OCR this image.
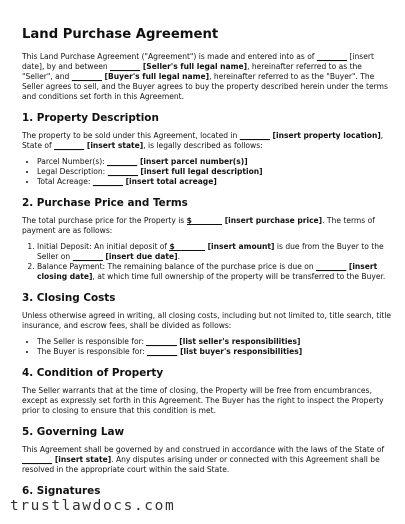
Land Purchase Agreement

This Land Purchase Agreement ("Agreement") is made and entered into as of ________ [insert date], by and between ________ [Seller's full legal name], hereinafter referred to as the "Seller", and ________ [Buyer's full legal name], hereinafter referred to as the "Buyer". The Seller agrees to sell, and the Buyer agrees to buy the property described herein under the terms and conditions set forth in this Agreement.

1. Property Description

The property to be sold under this Agreement, located in ________ [insert property location], State of ________ [insert state], is legally described as follows:

• Parcel Number(s): ________ [insert parcel number(s)]
• Legal Description: ________ [insert full legal description]
• Total Acreage: ________ [insert total acreage]
2. Purchase Price and Terms

The total purchase price for the Property is $________ [insert purchase price]. The terms of payment are as follows:

1. Initial Deposit: An initial deposit of $________ [insert amount] is due from the Buyer to the Seller on ________ [insert due date].
2. Balance Payment: The remaining balance of the purchase price is due on ________ [insert closing date], at which time full ownership of the property will be transferred to the Buyer.
3. Closing Costs

Unless otherwise agreed in writing, all closing costs, including but not limited to, title search, title insurance, and escrow fees, shall be divided as follows:

• The Seller is responsible for: ________ [list seller's responsibilities]
• The Buyer is responsible for: ________ [list buyer's responsibilities]
4. Condition of Property

The Seller warrants that at the time of closing, the Property will be free from encumbrances, except as expressly set forth in this Agreement. The Buyer has the right to inspect the Property prior to closing to ensure that this condition is met.

5. Governing Law

This Agreement shall be governed by and construed in accordance with the laws of the State of ________ [insert state]. Any disputes arising under or connected with this Agreement shall be resolved in the appropriate court within the said State.

6. Signatures
trustlawdocs.com
